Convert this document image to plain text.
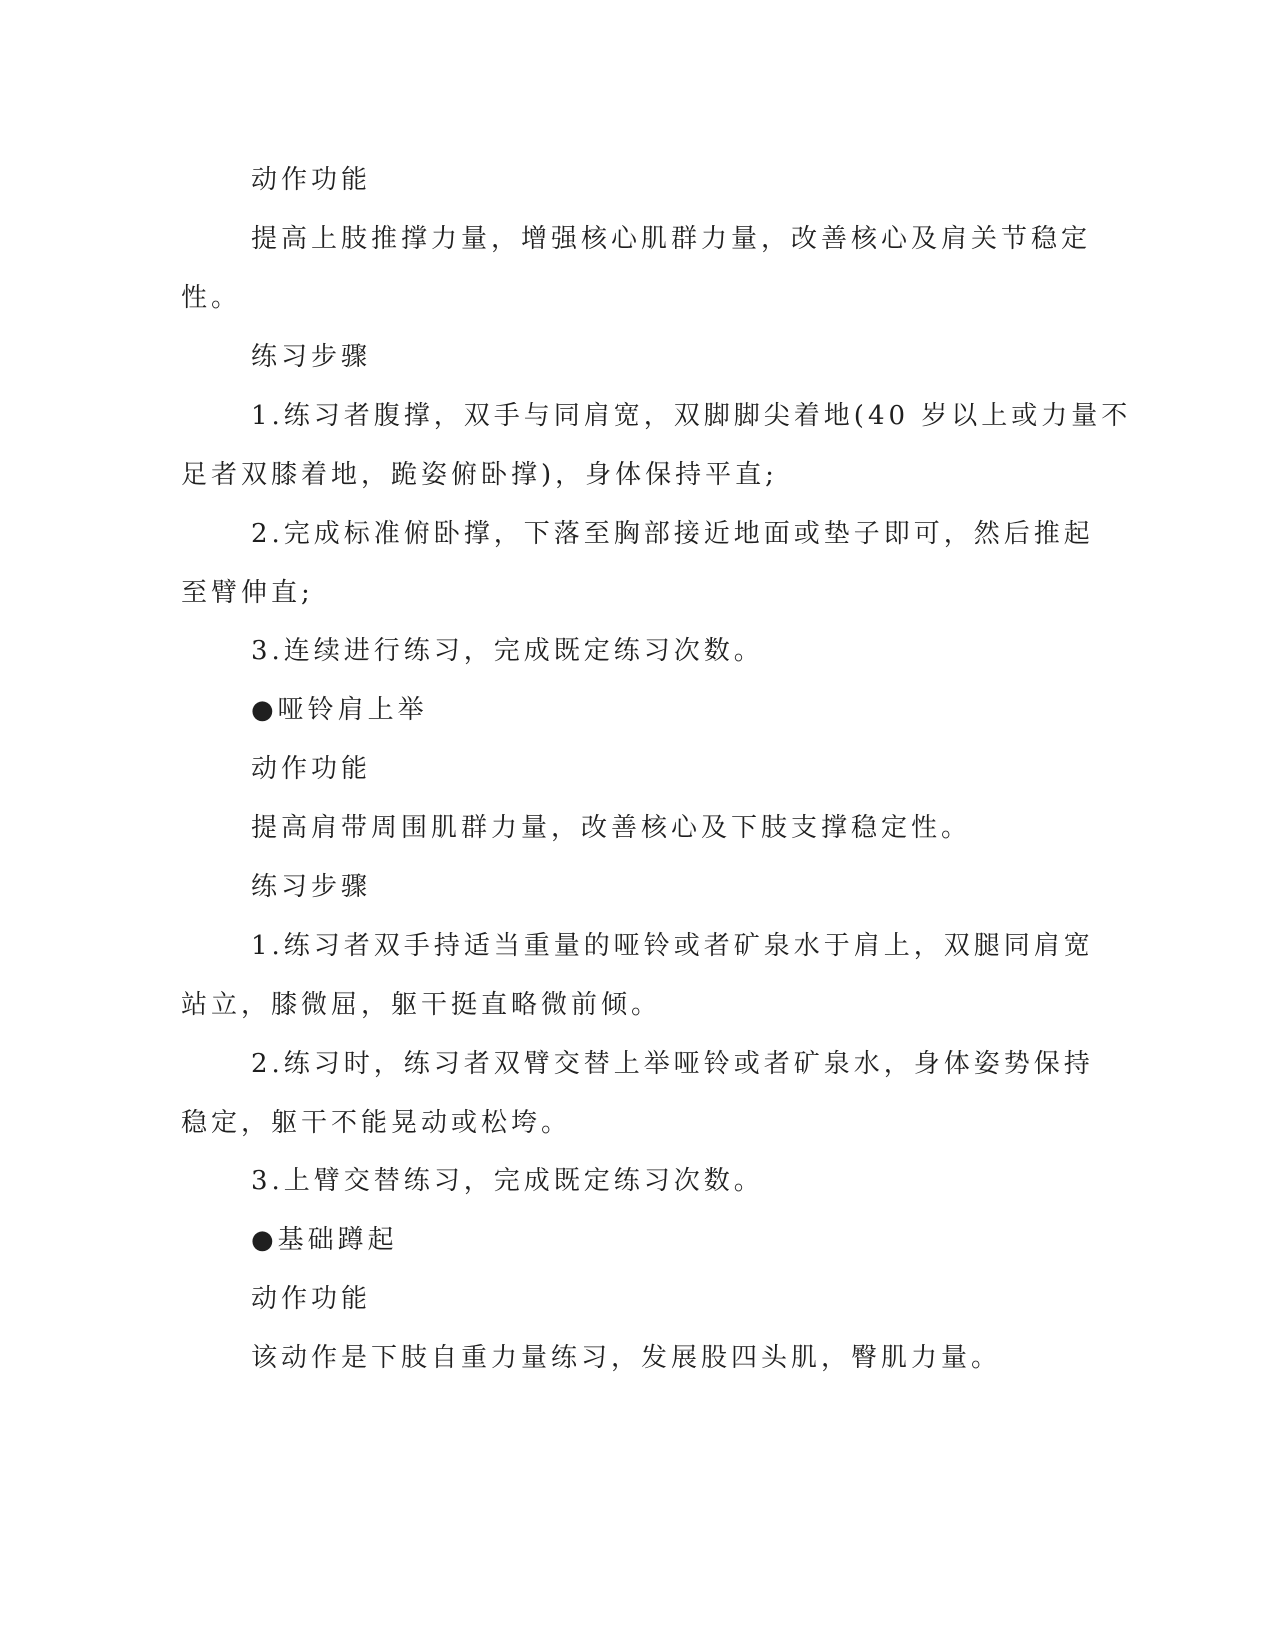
动作功能

提高上肢推撑力量，增强核心肌群力量，改善核心及肩关节稳定

性。

练习步骤

1.练习者腹撑，双手与同肩宽，双脚脚尖着地(40 岁以上或力量不

足者双膝着地，跪姿俯卧撑)，身体保持平直;

2.完成标准俯卧撑，下落至胸部接近地面或垫子即可，然后推起

至臂伸直;

3.连续进行练习，完成既定练习次数。

●哑铃肩上举

动作功能

提高肩带周围肌群力量，改善核心及下肢支撑稳定性。

练习步骤

1.练习者双手持适当重量的哑铃或者矿泉水于肩上，双腿同肩宽

站立，膝微屈，躯干挺直略微前倾。

2.练习时，练习者双臂交替上举哑铃或者矿泉水，身体姿势保持

稳定，躯干不能晃动或松垮。

3.上臂交替练习，完成既定练习次数。

●基础蹲起

动作功能

该动作是下肢自重力量练习，发展股四头肌，臀肌力量。
